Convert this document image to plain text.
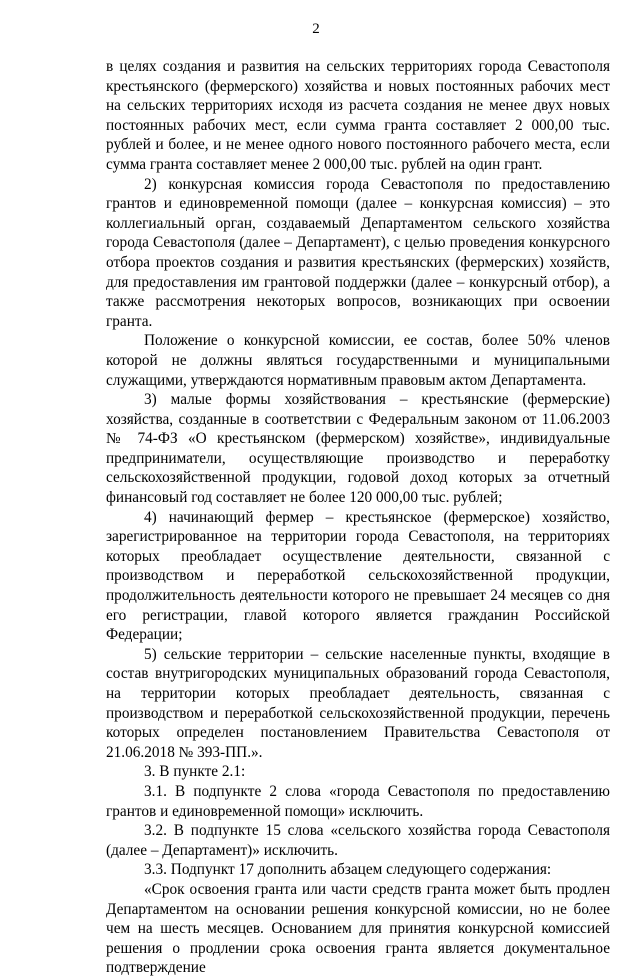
2

в целях создания и развития на сельских территориях города Севастополя крестьянского (фермерского) хозяйства и новых постоянных рабочих мест на сельских территориях исходя из расчета создания не менее двух новых постоянных рабочих мест, если сумма гранта составляет 2 000,00 тыс. рублей и более, и не менее одного нового постоянного рабочего места, если сумма гранта составляет менее 2 000,00 тыс. рублей на один грант.

2) конкурсная комиссия города Севастополя по предоставлению грантов и единовременной помощи (далее – конкурсная комиссия) – это коллегиальный орган, создаваемый Департаментом сельского хозяйства города Севастополя (далее – Департамент), с целью проведения конкурсного отбора проектов создания и развития крестьянских (фермерских) хозяйств, для предоставления им грантовой поддержки (далее – конкурсный отбор), а также рассмотрения некоторых вопросов, возникающих при освоении гранта.

Положение о конкурсной комиссии, ее состав, более 50% членов которой не должны являться государственными и муниципальными служащими, утверждаются нормативным правовым актом Департамента.

3) малые формы хозяйствования – крестьянские (фермерские) хозяйства, созданные в соответствии с Федеральным законом от 11.06.2003 № 74-ФЗ «О крестьянском (фермерском) хозяйстве», индивидуальные предприниматели, осуществляющие производство и переработку сельскохозяйственной продукции, годовой доход которых за отчетный финансовый год составляет не более 120 000,00 тыс. рублей;

4) начинающий фермер – крестьянское (фермерское) хозяйство, зарегистрированное на территории города Севастополя, на территориях которых преобладает осуществление деятельности, связанной с производством и переработкой сельскохозяйственной продукции, продолжительность деятельности которого не превышает 24 месяцев со дня его регистрации, главой которого является гражданин Российской Федерации;

5) сельские территории – сельские населенные пункты, входящие в состав внутригородских муниципальных образований города Севастополя, на территории которых преобладает деятельность, связанная с производством и переработкой сельскохозяйственной продукции, перечень которых определен постановлением Правительства Севастополя от 21.06.2018 № 393-ПП.».

3. В пункте 2.1:

3.1. В подпункте 2 слова «города Севастополя по предоставлению грантов и единовременной помощи» исключить.

3.2. В подпункте 15 слова «сельского хозяйства города Севастополя (далее – Департамент)» исключить.

3.3. Подпункт 17 дополнить абзацем следующего содержания:

«Срок освоения гранта или части средств гранта может быть продлен Департаментом на основании решения конкурсной комиссии, но не более чем на шесть месяцев. Основанием для принятия конкурсной комиссией решения о продлении срока освоения гранта является документальное подтверждение
